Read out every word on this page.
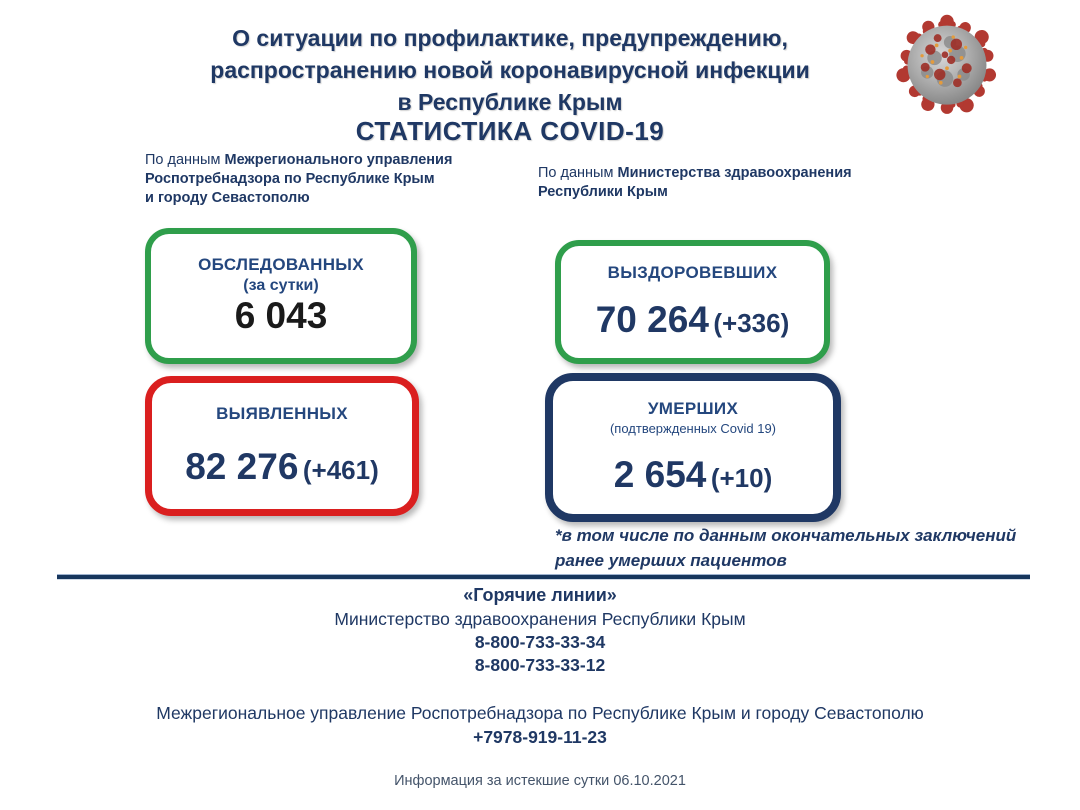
О ситуации по профилактике, предупреждению,
распространению новой коронавирусной инфекции
в Республике Крым
СТАТИСТИКА COVID-19
По данным Межрегионального управления
Роспотребнадзора по Республике Крым
и городу Севастополю
По данным Министерства здравоохранения
Республики Крым
ОБСЛЕДОВАННЫХ
(за сутки)
6 043
ВЫЗДОРОВЕВШИХ
70 264 (+336)
ВЫЯВЛЕННЫХ
82 276 (+461)
УМЕРШИХ
(подтвержденных Covid 19)
2 654 (+10)
*в том числе по данным окончательных заключений
ранее умерших пациентов
«Горячие линии»
Министерство здравоохранения Республики Крым
8-800-733-33-34
8-800-733-33-12
Межрегиональное управление Роспотребнадзора по Республике Крым и городу Севастополю
+7978-919-11-23
Информация за истекшие сутки 06.10.2021
